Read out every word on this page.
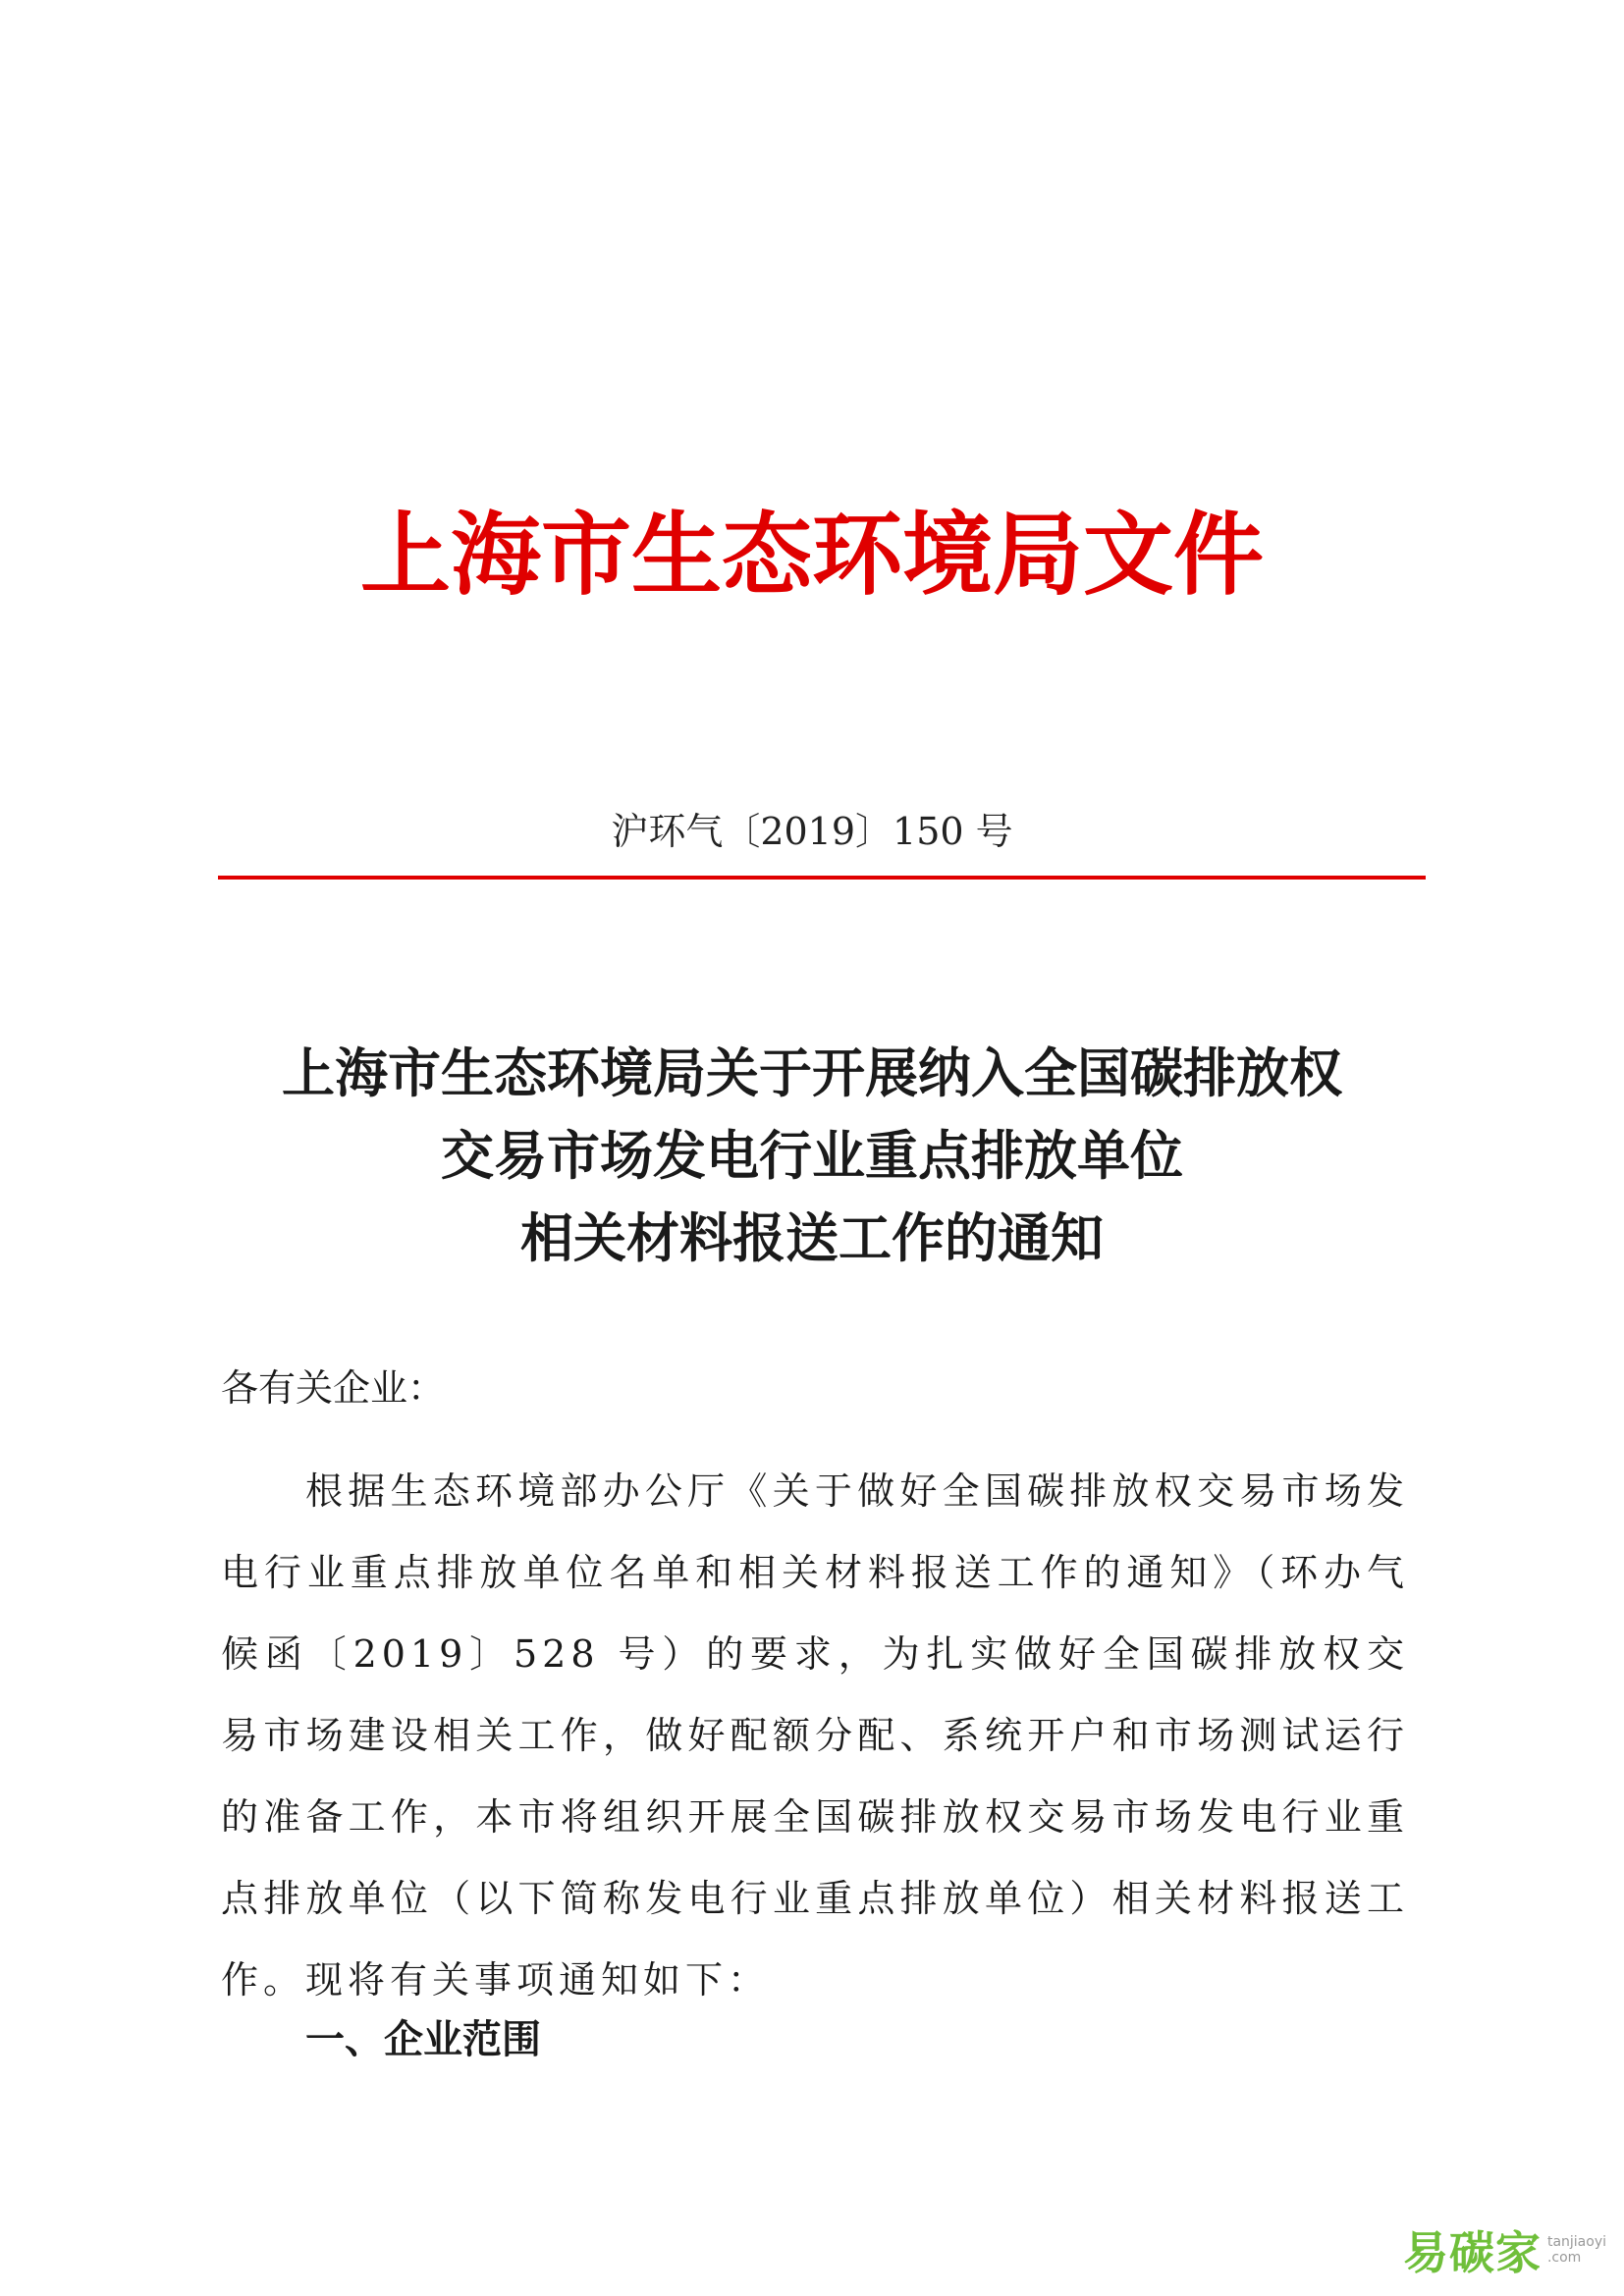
上海市生态环境局文件
沪环气〔2019〕150 号
上海市生态环境局关于开展纳入全国碳排放权
交易市场发电行业重点排放单位
相关材料报送工作的通知
各有关企业：
根据生态环境部办公厅《关于做好全国碳排放权交易市场发电行业重点排放单位名单和相关材料报送工作的通知》（环办气候函〔2019〕528 号）的要求，为扎实做好全国碳排放权交易市场建设相关工作，做好配额分配、系统开户和市场测试运行的准备工作，本市将组织开展全国碳排放权交易市场发电行业重点排放单位（以下简称发电行业重点排放单位）相关材料报送工作。现将有关事项通知如下：
一、企业范围
易碳家 tanjiaoyi
.com
